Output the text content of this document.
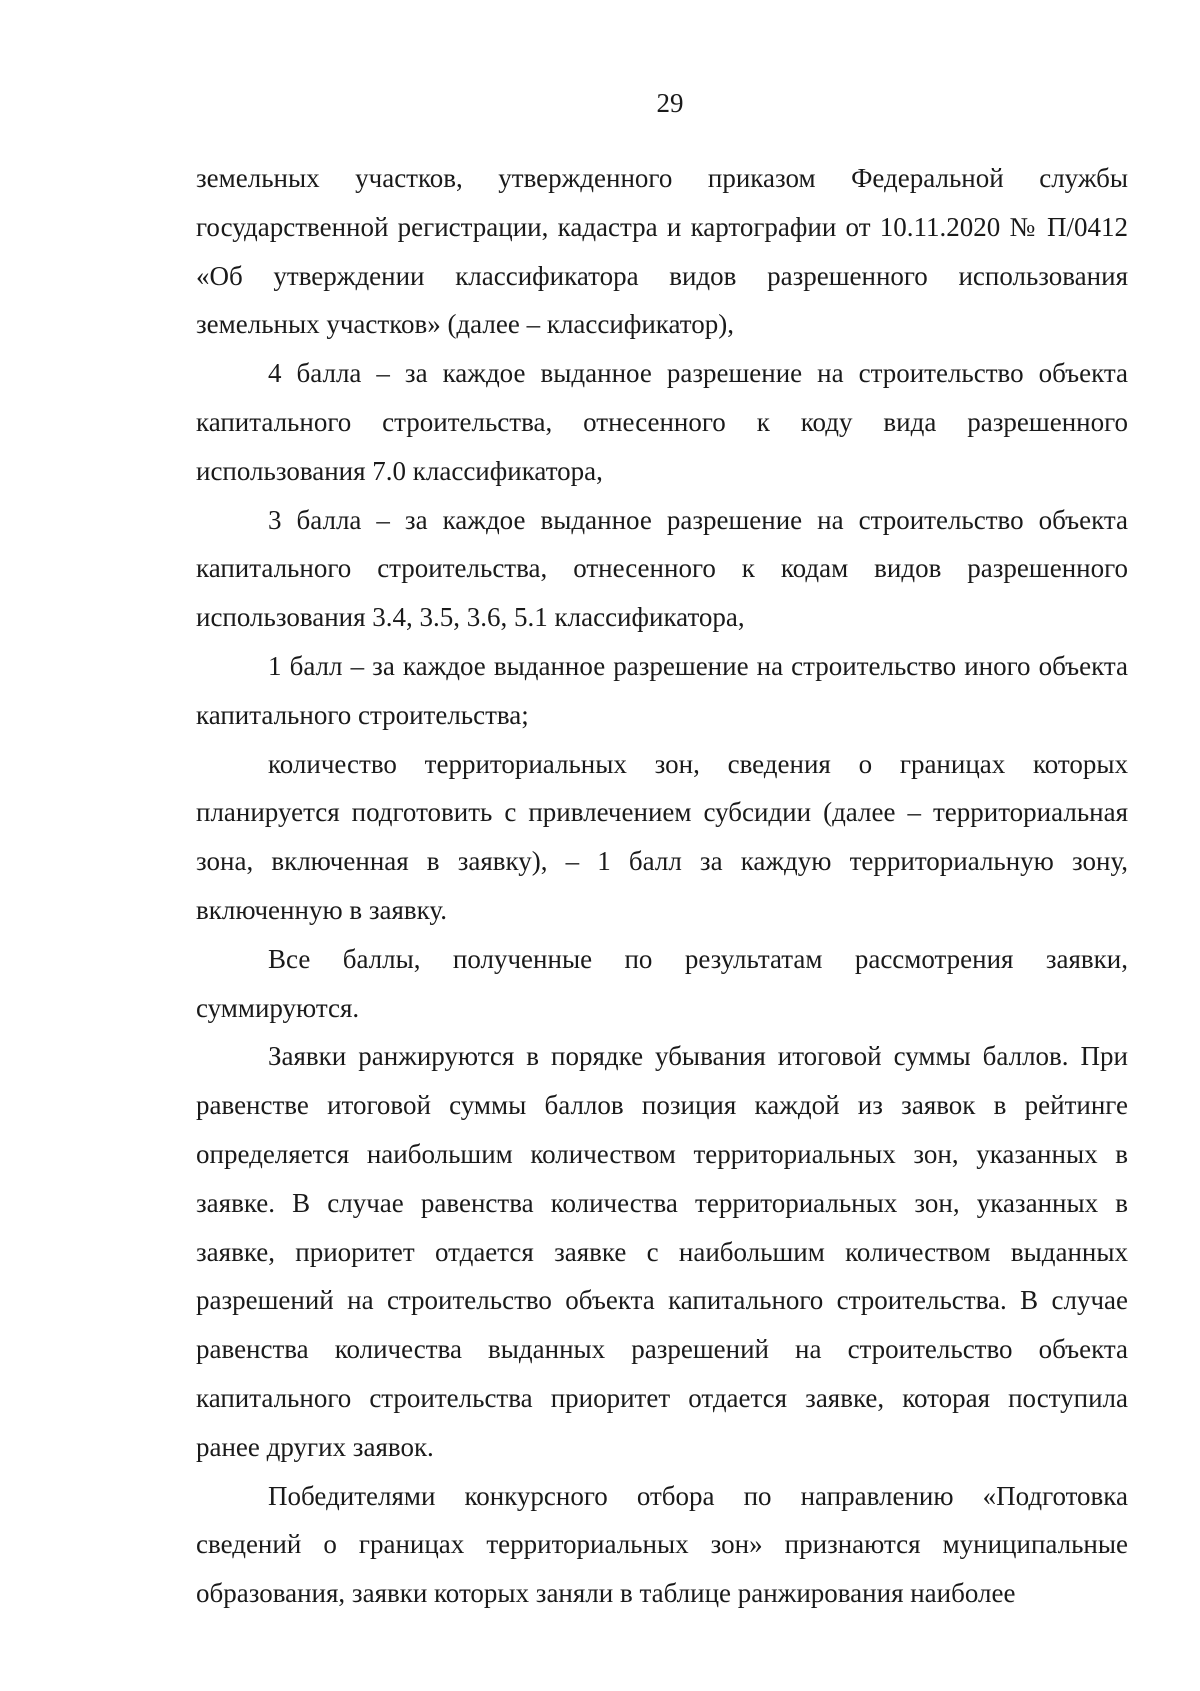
29

земельных участков, утвержденного приказом Федеральной службы государственной регистрации, кадастра и картографии от 10.11.2020 № П/0412 «Об утверждении классификатора видов разрешенного использования земельных участков» (далее – классификатор),

4 балла – за каждое выданное разрешение на строительство объекта капитального строительства, отнесенного к коду вида разрешенного использования 7.0 классификатора,

3 балла – за каждое выданное разрешение на строительство объекта капитального строительства, отнесенного к кодам видов разрешенного использования 3.4, 3.5, 3.6, 5.1 классификатора,

1 балл – за каждое выданное разрешение на строительство иного объекта капитального строительства;

количество территориальных зон, сведения о границах которых планируется подготовить с привлечением субсидии (далее – территориальная зона, включенная в заявку), – 1 балл за каждую территориальную зону, включенную в заявку.

Все баллы, полученные по результатам рассмотрения заявки, суммируются.

Заявки ранжируются в порядке убывания итоговой суммы баллов. При равенстве итоговой суммы баллов позиция каждой из заявок в рейтинге определяется наибольшим количеством территориальных зон, указанных в заявке. В случае равенства количества территориальных зон, указанных в заявке, приоритет отдается заявке с наибольшим количеством выданных разрешений на строительство объекта капитального строительства. В случае равенства количества выданных разрешений на строительство объекта капитального строительства приоритет отдается заявке, которая поступила ранее других заявок.

Победителями конкурсного отбора по направлению «Подготовка сведений о границах территориальных зон» признаются муниципальные образования, заявки которых заняли в таблице ранжирования наиболее
